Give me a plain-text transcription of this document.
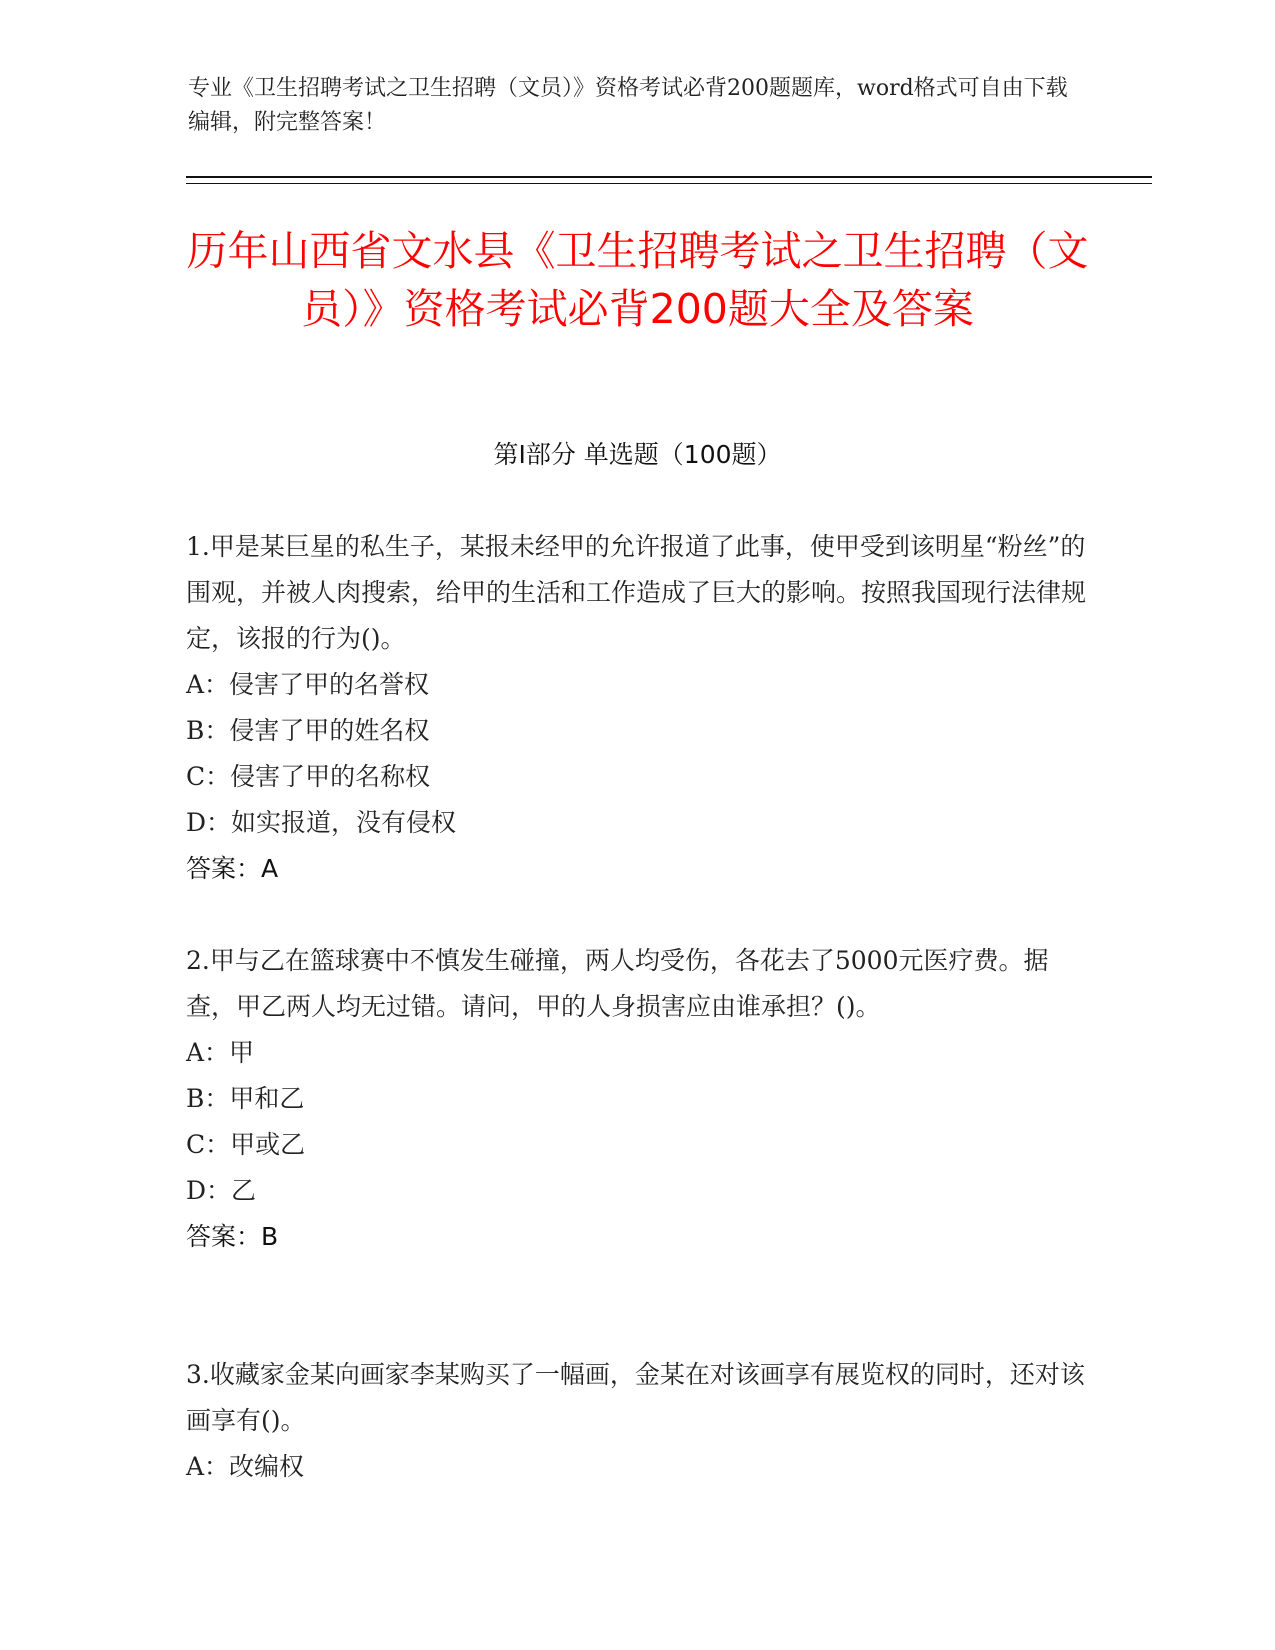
专业《卫生招聘考试之卫生招聘（文员）》资格考试必背200题题库，word格式可自由下载编辑，附完整答案！
历年山西省文水县《卫生招聘考试之卫生招聘（文员）》资格考试必背200题大全及答案
第Ⅰ部分 单选题（100题）

1.甲是某巨星的私生子，某报未经甲的允许报道了此事，使甲受到该明星“粉丝”的围观，并被人肉搜索，给甲的生活和工作造成了巨大的影响。按照我国现行法律规定，该报的行为()。

A：侵害了甲的名誉权

B：侵害了甲的姓名权

C：侵害了甲的名称权

D：如实报道，没有侵权

答案：A

2.甲与乙在篮球赛中不慎发生碰撞，两人均受伤，各花去了5000元医疗费。据查，甲乙两人均无过错。请问，甲的人身损害应由谁承担？()。

A：甲

B：甲和乙

C：甲或乙

D：乙

答案：B

3.收藏家金某向画家李某购买了一幅画，金某在对该画享有展览权的同时，还对该画享有()。

A：改编权
